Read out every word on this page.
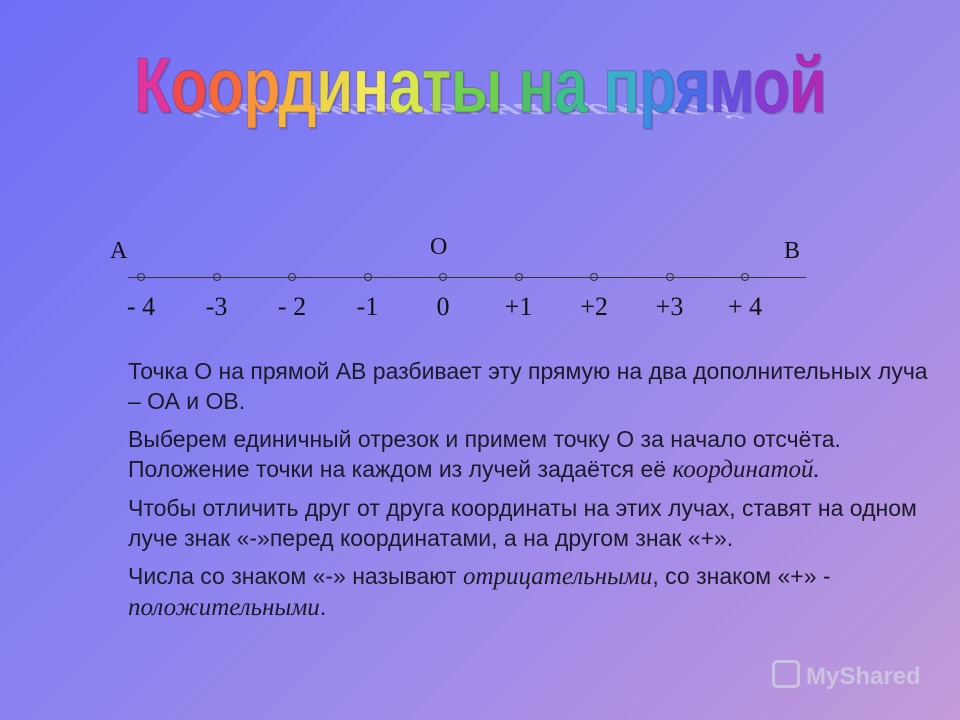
Координаты на прямой
Координаты на прямой
A	O	B
- 4	-3	- 2	-1	0	+1	+2	+3	+ 4

Точка О на прямой АВ разбивает эту прямую на два дополнительных луча – ОА и ОВ.

Выберем единичный отрезок и примем точку О за начало отсчёта. Положение точки на каждом из лучей задаётся её координатой.

Чтобы отличить друг от друга координаты на этих лучах, ставят на одном луче знак «-»перед координатами, а на другом знак «+».

Числа со знаком «-» называют отрицательными, со знаком «+» - положительными.

MyShared
